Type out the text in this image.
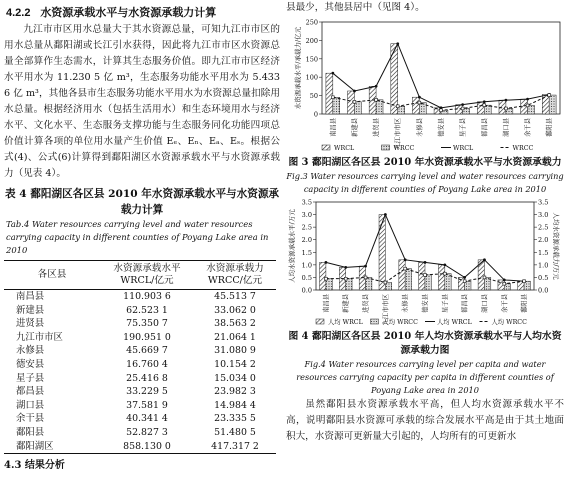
4.2.2 水资源承载水平与水资源承载力计算

九江市市区用水总量大于其水资源总量，可知九江市市区的用水总量从鄱阳湖或长江引水获得，因此将九江市市区水资源总量全部算作生态需水，计算其生态服务价值。即九江市市区经济水平用水为 11.230 5 亿 m³，生态服务功能水平用水为 5.433 6 亿 m³，其他各县市生态服务功能水平用水为水资源总量扣除用水总量。根据经济用水（包括生活用水）和生态环境用水与经济水平、文化水平、生态服务支撑功能与生态服务同化功能四项总价值计算各项的单位用水量产生价值 Eₑ、Eₙ、Eₐ、Eₛ。根据公式(4)、公式(6)计算得到鄱阳湖区水资源承载水平与水资源承载力（见表 4）。

表 4 鄱阳湖区各区县 2010 年水资源承载水平与水资源承载力计算
Tab.4 Water resources carrying level and water resources carrying capacity in different counties of Poyang Lake area in 2010
各区县	水资源承载水平 WRCL/亿元	水资源承载力 WRCC/亿元
南昌县	110.903 6	45.513 7
新建县	62.523 1	33.062 0
进贤县	75.350 7	38.563 2
九江市市区	190.951 0	21.064 1
永修县	45.669 7	31.080 9
德安县	16.760 4	10.154 2
星子县	25.416 8	15.034 0
都昌县	33.229 5	23.982 3
湖口县	37.581 9	14.984 4
余干县	40.341 4	23.335 5
鄱阳县	52.827 3	51.480 5
鄱阳湖区	858.130 0	417.317 2
4.3 结果分析

县最少，其他县居中（见图 4）。

0
50
100
150
200
250
水资源承载水平/承载力/亿元
南昌县	新建县	进贤县	九江市市区	永修县	德安县	星子县	都昌县	湖口县	余干县	鄱阳县
WRCL	WRCC	WRCL	WRCC
图 3 鄱阳湖区各区县 2010 年水资源承载水平与水资源承载力
Fig.3 Water resources carrying level and water resources carrying capacity in different counties of Poyang Lake area in 2010
0.0	0.0
0.5	0.5
1.0	1.0
1.5	1.5
2.0	2.0
2.5	2.5
3.0	3.0
3.5	3.5
人均水资源承载水平/万元	人均水资源承载力/万元
南昌县	新建县	进贤县	九江市市区	永修县	德安县	星子县	都昌县	湖口县	余干县	鄱阳县
人均 WRCL	人均 WRCC	人均 WRCL	人均 WRCC
图 4 鄱阳湖区各区县 2010 年人均水资源承载水平与人均水资源承载力图
Fig.4 Water resources carrying level per capita and water resources carrying capacity per capita in different counties of Poyang Lake area in 2010

虽然鄱阳县水资源承载水平高，但人均水资源承载水平不高，说明鄱阳县水资源可承载的综合发展水平高是由于其土地面积大，水资源可更新量大引起的，人均所有的可更新水
